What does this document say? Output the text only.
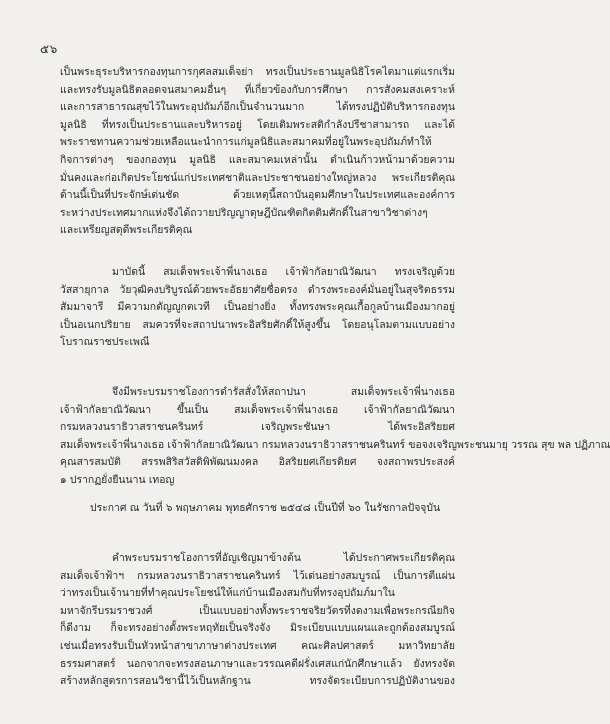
๕๖
เป็นพระธุระบริหารกองทุนการกุศลสมเด็จย่า ทรงเป็นประธานมูลนิธิโรคไตมาแต่แรกเริ่ม
และทรงรับมูลนิธิตลอดจนสมาคมอื่นๆ ที่เกี่ยวข้องกับการศึกษา การสังคมสงเคราะห์
และการสาธารณสุขไว้ในพระอุปถัมภ์อีกเป็นจำนวนมาก ได้ทรงปฏิบัติบริหารกองทุน
มูลนิธิ ที่ทรงเป็นประธานและบริหารอยู่ โดยเติมพระสติกำลังปรีชาสามารถ และได้
พระราชทานความช่วยเหลือแนะนำการแก่มูลนิธิและสมาคมที่อยู่ในพระอุปถัมภ์ทำให้
กิจการต่างๆ ของกองทุน มูลนิธิ และสมาคมเหล่านั้น ดำเนินก้าวหน้ามาด้วยความ
มั่นคงและก่อเกิดประโยชน์แก่ประเทศชาติและประชาชนอย่างใหญ่หลวง พระเกียรติคุณ
ด้านนี้เป็นที่ประจักษ์เด่นชัด ด้วยเหตุนี้สถาบันอุดมศึกษาในประเทศและองค์การ
ระหว่างประเทศมากแห่งจึงได้ถวายปริญญาดุษฎีบัณฑิตกิตติมศักดิ์ในสาขาวิชาต่างๆ
และเหรียญสดุดีพระเกียรติคุณ
มาบัดนี้ สมเด็จพระเจ้าพี่นางเธอ เจ้าฟ้ากัลยาณิวัฒนา ทรงเจริญด้วย
วัสสายุกาล วัยวุฒิคงบริบูรณ์ด้วยพระอัธยาศัยซื่อตรง ดำรงพระองค์มั่นอยู่ในสุจริตธรรม
สัมมาจารี มีความกตัญญูกตเวที เป็นอย่างยิ่ง ทั้งทรงพระคุณเกื้อกูลบ้านเมืองมากอยู่
เป็นอเนกปริยาย สมควรที่จะสถาปนาพระอิสริยศักดิ์ให้สูงขึ้น โดยอนุโลมตามแบบอย่าง
โบราณราชประเพณี
จึงมีพระบรมราชโองการดำรัสสั่งให้สถาปนา สมเด็จพระเจ้าพี่นางเธอ
เจ้าฟ้ากัลยาณิวัฒนา ขึ้นเป็น สมเด็จพระเจ้าพี่นางเธอ เจ้าฟ้ากัลยาณิวัฒนา
กรมหลวงนราธิวาสราชนครินทร์ เจริญพระชันษา ได้พระอิสริยยศ
สมเด็จพระเจ้าพี่นางเธอ เจ้าฟ้ากัลยาณิวัฒนา กรมหลวงนราธิวาสราชนครินทร์ ขอจงเจริญพระชนมายุ วรรณ สุข พล ปฏิภาณ
คุณสารสมบัติ สรรพสิริสวัสดิพิพัฒนมงคล อิสริยยศเกียรติยศ จงสถาพรประสงค์
๑ ปรากฏยั่งยืนนาน เทอญ
ประกาศ ณ วันที่ ๖ พฤษภาคม พุทธศักราช ๒๕๔๘ เป็นปีที่ ๖๐ ในรัชกาลปัจจุบัน
คำพระบรมราชโองการที่อัญเชิญมาข้างต้น ได้ประกาศพระเกียรติคุณ
สมเด็จเจ้าฟ้าฯ กรมหลวงนราธิวาสราชนครินทร์ ไว้เด่นอย่างสมบูรณ์ เป็นการตีแผ่น
ว่าทรงเป็นเจ้านายที่ทำคุณประโยชน์ให้แก่บ้านเมืองสมกับที่ทรงอุปถัมภ์มาใน
มหาจักรีบรมราชวงศ์ เป็นแบบอย่างทั้งพระราชจริยวัตรที่งดงามเพื่อพระกรณียกิจ
ก็ดีงาม ก็จะทรงอย่างตั้งพระหฤทัยเป็นจริงจัง มิระเบียบแบบแผนและถูกต้องสมบูรณ์
เช่นเมื่อทรงรับเป็นหัวหน้าสาขาภาษาต่างประเทศ คณะศิลปศาสตร์ มหาวิทยาลัย
ธรรมศาสตร์ นอกจากจะทรงสอนภาษาและวรรณคดีฝรั่งเศสแก่นักศึกษาแล้ว ยังทรงจัด
สร้างหลักสูตรการสอนวิชานี้ไว้เป็นหลักฐาน ทรงจัดระเบียบการปฏิบัติงานของ
